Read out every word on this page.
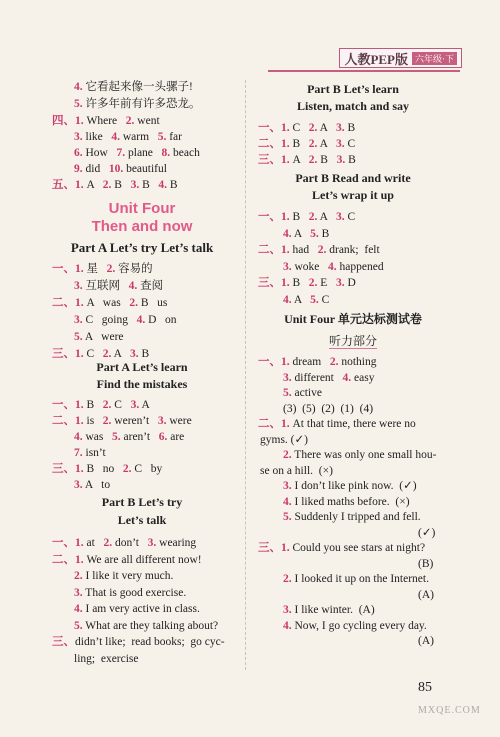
人教PEP版 六年级·下
4. 它看起来像一头骡子!
5. 许多年前有许多恐龙。
四、1. Where   2. went
3. like   4. warm   5. far
6. How   7. plane   8. beach
9. did   10. beautiful
五、1. A   2. B   3. B   4. B
Unit Four
Then and now
Part A Let’s try Let’s talk
一、1. 星   2. 容易的
3. 互联网   4. 查阅
二、1. A   was   2. B   us
3. C   going   4. D   on
5. A   were
三、1. C   2. A   3. B
Part A Let’s learn
Find the mistakes
一、1. B   2. C   3. A
二、1. is   2. weren’t   3. were
4. was   5. aren’t   6. are
7. isn’t
三、1. B   no   2. C   by
3. A   to
Part B Let’s try
Let’s talk
一、1. at   2. don’t   3. wearing
二、1. We are all different now!
2. I like it very much.
3. That is good exercise.
4. I am very active in class.
5. What are they talking about?
三、didn’t like;  read books;  go cyc-
ling;  exercise
Part B Let’s learn
Listen, match and say
一、1. C   2. A   3. B
二、1. B   2. A   3. C
三、1. A   2. B   3. B
Part B Read and write
Let’s wrap it up
一、1. B   2. A   3. C
4. A   5. B
二、1. had   2. drank;  felt
3. woke   4. happened
三、1. B   2. E   3. D
4. A   5. C
Unit Four 单元达标测试卷
听力部分
一、1. dream   2. nothing
3. different   4. easy
5. active
(3)  (5)  (2)  (1)  (4)
二、1. At that time, there were no
gyms. (✓)
2. There was only one small hou-
se on a hill.  (×)
3. I don’t like pink now.  (✓)
4. I liked maths before.  (×)
5. Suddenly I tripped and fell.
(✓)
三、1. Could you see stars at night?
(B)
2. I looked it up on the Internet.
(A)
3. I like winter.  (A)
4. Now, I go cycling every day.
(A)
85
MXQE.COM
